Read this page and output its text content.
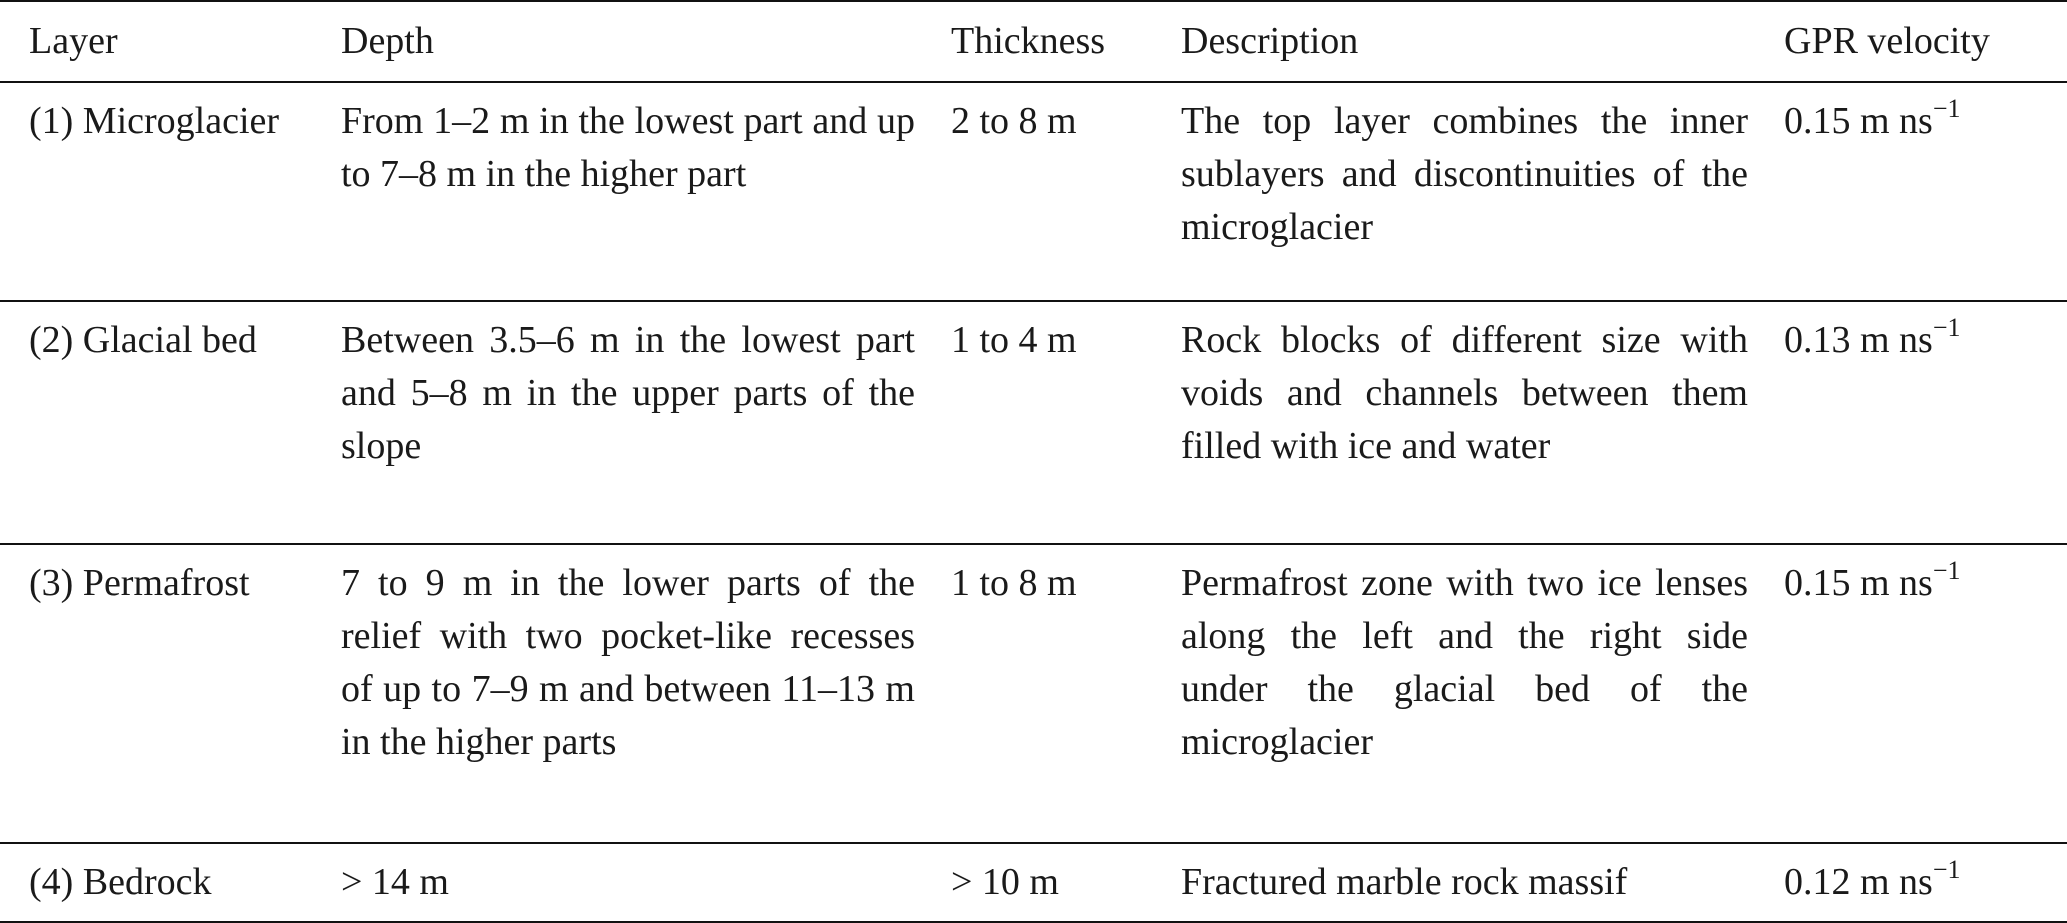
Layer	Depth	Thickness	Description	GPR velocity
(1) Microglacier	From 1–2 m in the lowest part and up to 7–8 m in the higher part	2 to 8 m	The top layer combines the inner sublayers and discontinuities of the microglacier	0.15 m $ns^{-1}$
(2) Glacial bed	Between 3.5–6 m in the lowest part and 5–8 m in the upper parts of the slope	1 to 4 m	Rock blocks of different size with voids and channels between them filled with ice and water	0.13 m $ns^{-1}$
(3) Permafrost	7 to 9 m in the lower parts of the relief with two pocket-like recesses of up to 7–9 m and between 11–13 m in the higher parts	1 to 8 m	Permafrost zone with two ice lenses along the left and the right side under the glacial bed of the microglacier	0.15 m $ns^{-1}$
(4) Bedrock	> 14 m	> 10 m	Fractured marble rock massif	0.12 m $ns^{-1}$
